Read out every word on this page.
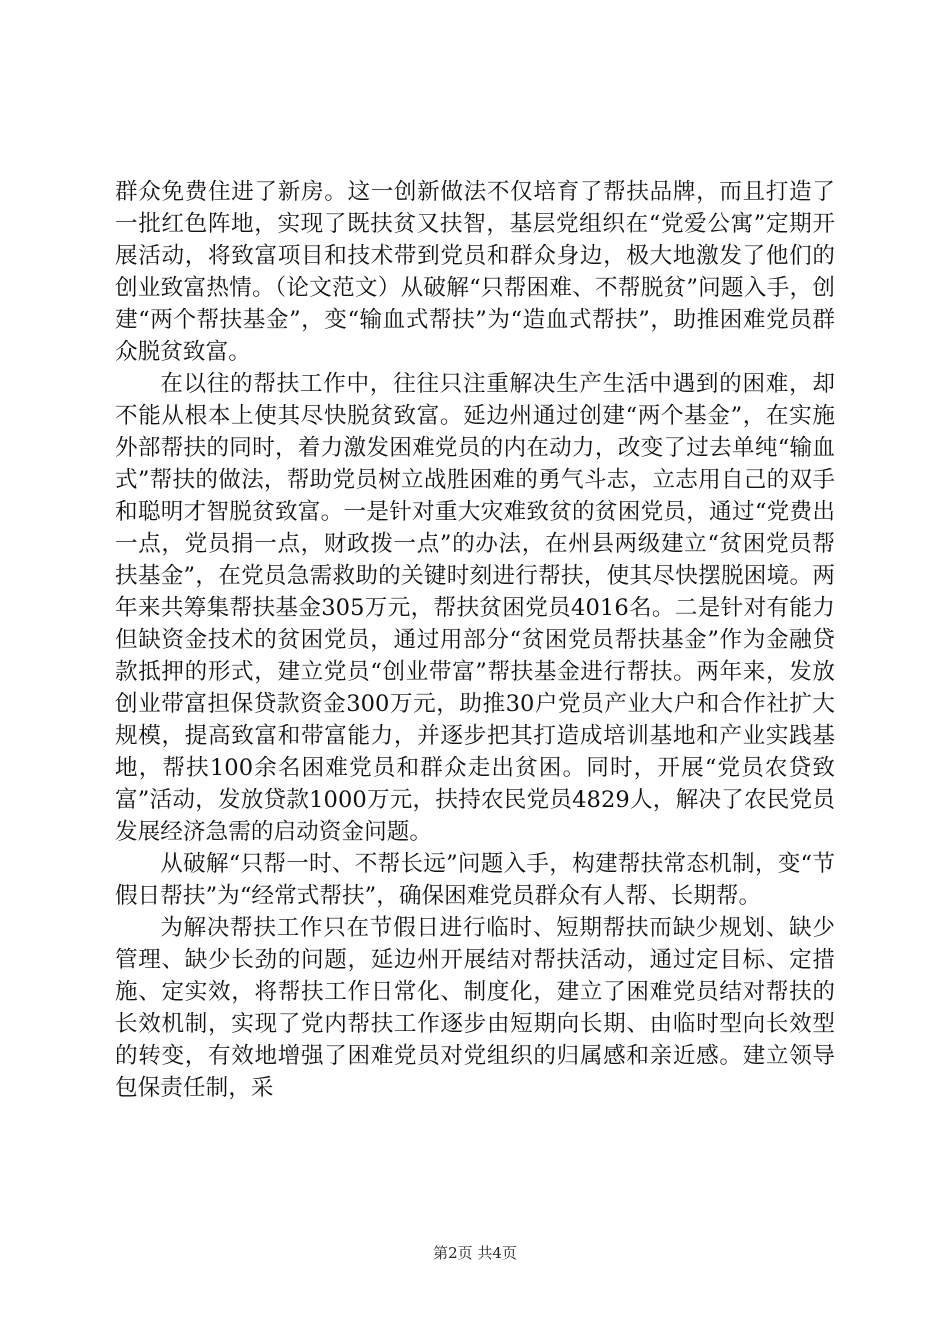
群众免费住进了新房。这一创新做法不仅培育了帮扶品牌，而且打造了一批红色阵地，实现了既扶贫又扶智，基层党组织在“党爱公寓”定期开展活动，将致富项目和技术带到党员和群众身边，极大地激发了他们的创业致富热情。（论文范文）从破解“只帮困难、不帮脱贫”问题入手，创建“两个帮扶基金”，变“输血式帮扶”为“造血式帮扶”，助推困难党员群众脱贫致富。

在以往的帮扶工作中，往往只注重解决生产生活中遇到的困难，却不能从根本上使其尽快脱贫致富。延边州通过创建“两个基金”，在实施外部帮扶的同时，着力激发困难党员的内在动力，改变了过去单纯“输血式”帮扶的做法，帮助党员树立战胜困难的勇气斗志，立志用自己的双手和聪明才智脱贫致富。一是针对重大灾难致贫的贫困党员，通过“党费出一点，党员捐一点，财政拨一点”的办法，在州县两级建立“贫困党员帮扶基金”，在党员急需救助的关键时刻进行帮扶，使其尽快摆脱困境。两年来共筹集帮扶基金305万元，帮扶贫困党员4016名。二是针对有能力但缺资金技术的贫困党员，通过用部分“贫困党员帮扶基金”作为金融贷款抵押的形式，建立党员“创业带富”帮扶基金进行帮扶。两年来，发放创业带富担保贷款资金300万元，助推30户党员产业大户和合作社扩大规模，提高致富和带富能力，并逐步把其打造成培训基地和产业实践基地，帮扶100余名困难党员和群众走出贫困。同时，开展“党员农贷致富”活动，发放贷款1000万元，扶持农民党员4829人，解决了农民党员发展经济急需的启动资金问题。

从破解“只帮一时、不帮长远”问题入手，构建帮扶常态机制，变“节假日帮扶”为“经常式帮扶”，确保困难党员群众有人帮、长期帮。

为解决帮扶工作只在节假日进行临时、短期帮扶而缺少规划、缺少管理、缺少长劲的问题，延边州开展结对帮扶活动，通过定目标、定措施、定实效，将帮扶工作日常化、制度化，建立了困难党员结对帮扶的长效机制，实现了党内帮扶工作逐步由短期向长期、由临时型向长效型的转变，有效地增强了困难党员对党组织的归属感和亲近感。建立领导包保责任制，采

第2页 共4页
